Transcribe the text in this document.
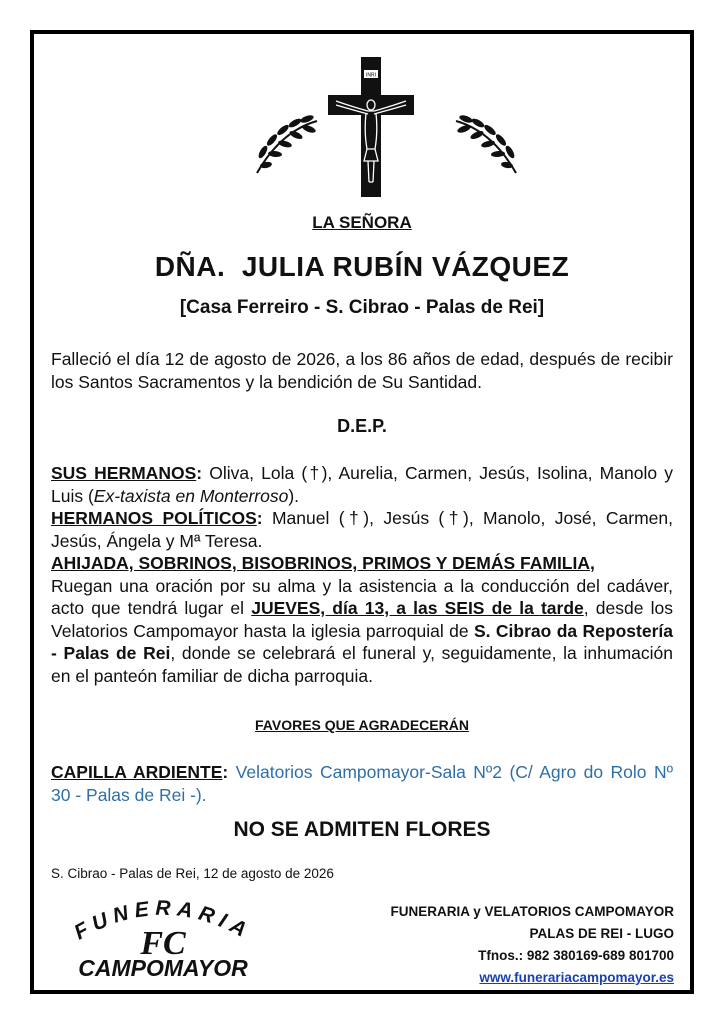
INRI
LA SEÑORA
DÑA.  JULIA RUBÍN VÁZQUEZ
[Casa Ferreiro - S. Cibrao - Palas de Rei]
Falleció el día 12 de agosto de 2026, a los 86 años de edad, después de recibir los Santos Sacramentos y la bendición de Su Santidad.
D.E.P.
SUS HERMANOS: Oliva, Lola (†), Aurelia, Carmen, Jesús, Isolina, Manolo y Luis (Ex-taxista en Monterroso).
HERMANOS POLÍTICOS: Manuel (†), Jesús (†), Manolo, José, Carmen, Jesús, Ángela y Mª Teresa.
AHIJADA, SOBRINOS, BISOBRINOS, PRIMOS Y DEMÁS FAMILIA,
Ruegan una oración por su alma y la asistencia a la conducción del cadáver, acto que tendrá lugar el JUEVES, día 13, a las SEIS de la tarde, desde los Velatorios Campomayor hasta la iglesia parroquial de S. Cibrao da Repostería - Palas de Rei, donde se celebrará el funeral y, seguidamente, la inhumación en el panteón familiar de dicha parroquia.
FAVORES QUE AGRADECERÁN
CAPILLA ARDIENTE: Velatorios Campomayor-Sala Nº2 (C/ Agro do Rolo Nº 30 - Palas de Rei -).
NO SE ADMITEN FLORES
S. Cibrao - Palas de Rei, 12 de agosto de 2026
FUNERARIA
FC
CAMPOMAYOR
FUNERARIA y VELATORIOS CAMPOMAYOR
PALAS DE REI - LUGO
Tfnos.: 982 380169-689 801700
www.funerariacampomayor.es
